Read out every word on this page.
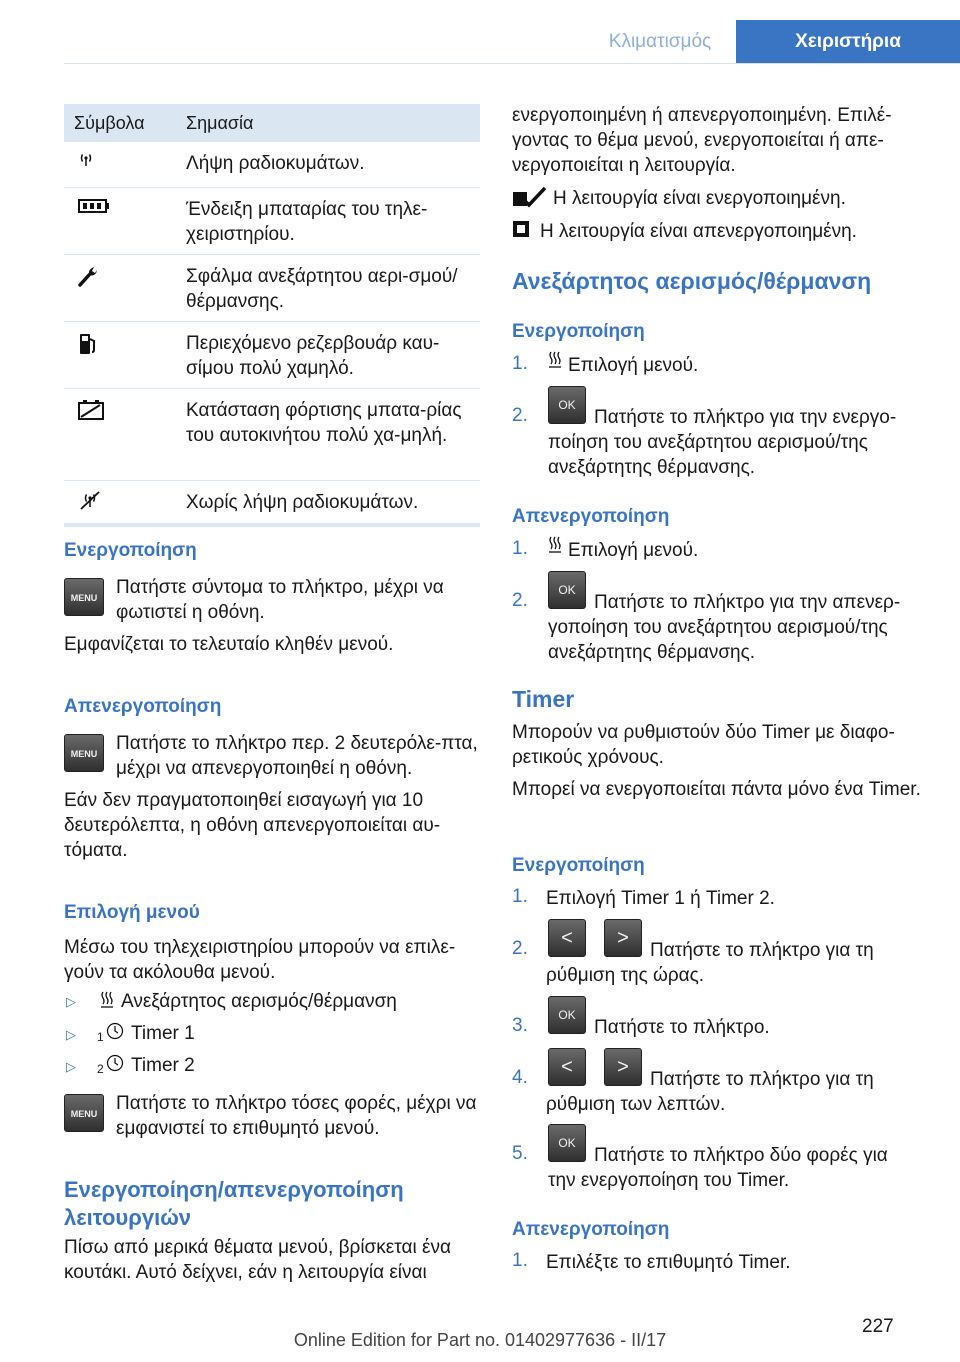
Κλιματισμός	Χειριστήρια
Σύμβολα	Σημασία
Λήψη ραδιοκυμάτων.
Ένδειξη μπαταρίας του τηλε-χειριστηρίου.
Σφάλμα ανεξάρτητου αερι-σμού/θέρμανσης.
Περιεχόμενο ρεζερβουάρ καυ-σίμου πολύ χαμηλό.
Κατάσταση φόρτισης μπατα-ρίας του αυτοκινήτου πολύ χα-μηλή.
Χωρίς λήψη ραδιοκυμάτων.
Ενεργοποίηση
MENU Πατήστε σύντομα το πλήκτρο, μέχρι να φωτιστεί η οθόνη.
Εμφανίζεται το τελευταίο κληθέν μενού.
Απενεργοποίηση
MENU Πατήστε το πλήκτρο περ. 2 δευτερόλε-πτα, μέχρι να απενεργοποιηθεί η οθόνη.
Εάν δεν πραγματοποιηθεί εισαγωγή για 10 δευτερόλεπτα, η οθόνη απενεργοποιείται αυ-τόματα.
Επιλογή μενού
Μέσω του τηλεχειριστηρίου μπορούν να επιλε-γούν τα ακόλουθα μενού.
▷ Ανεξάρτητος αερισμός/θέρμανση
▷ 1 Timer 1
▷ 2 Timer 2
MENU Πατήστε το πλήκτρο τόσες φορές, μέχρι να εμφανιστεί το επιθυμητό μενού.
Ενεργοποίηση/απενεργοποίηση λειτουργιών
Πίσω από μερικά θέματα μενού, βρίσκεται ένα κουτάκι. Αυτό δείχνει, εάν η λειτουργία είναι
ενεργοποιημένη ή απενεργοποιημένη. Επιλέ-γοντας το θέμα μενού, ενεργοποιείται ή απε-νεργοποιείται η λειτουργία.
Η λειτουργία είναι ενεργοποιημένη.
Η λειτουργία είναι απενεργοποιημένη.
Ανεξάρτητος αερισμός/θέρμανση
Ενεργοποίηση
1. Επιλογή μενού.
2.	OK
Πατήστε το πλήκτρο για την ενεργο-ποίηση του ανεξάρτητου αερισμού/της ανεξάρτητης θέρμανσης.
Απενεργοποίηση
1. Επιλογή μενού.
2.	OK
Πατήστε το πλήκτρο για την απενερ-γοποίηση του ανεξάρτητου αερισμού/της ανεξάρτητης θέρμανσης.
Timer
Μπορούν να ρυθμιστούν δύο Timer με διαφο-ρετικούς χρόνους.
Μπορεί να ενεργοποιείται πάντα μόνο ένα Timer.
Ενεργοποίηση
1. Επιλογή Timer 1 ή Timer 2.
2.	<	>
Πατήστε το πλήκτρο για τη ρύθμιση της ώρας.
3.	OK
Πατήστε το πλήκτρο.
4.	<	>
Πατήστε το πλήκτρο για τη ρύθμιση των λεπτών.
5.	OK
Πατήστε το πλήκτρο δύο φορές για την ενεργοποίηση του Timer.
Απενεργοποίηση
1. Επιλέξτε το επιθυμητό Timer.
227
Online Edition for Part no. 01402977636 - II/17
